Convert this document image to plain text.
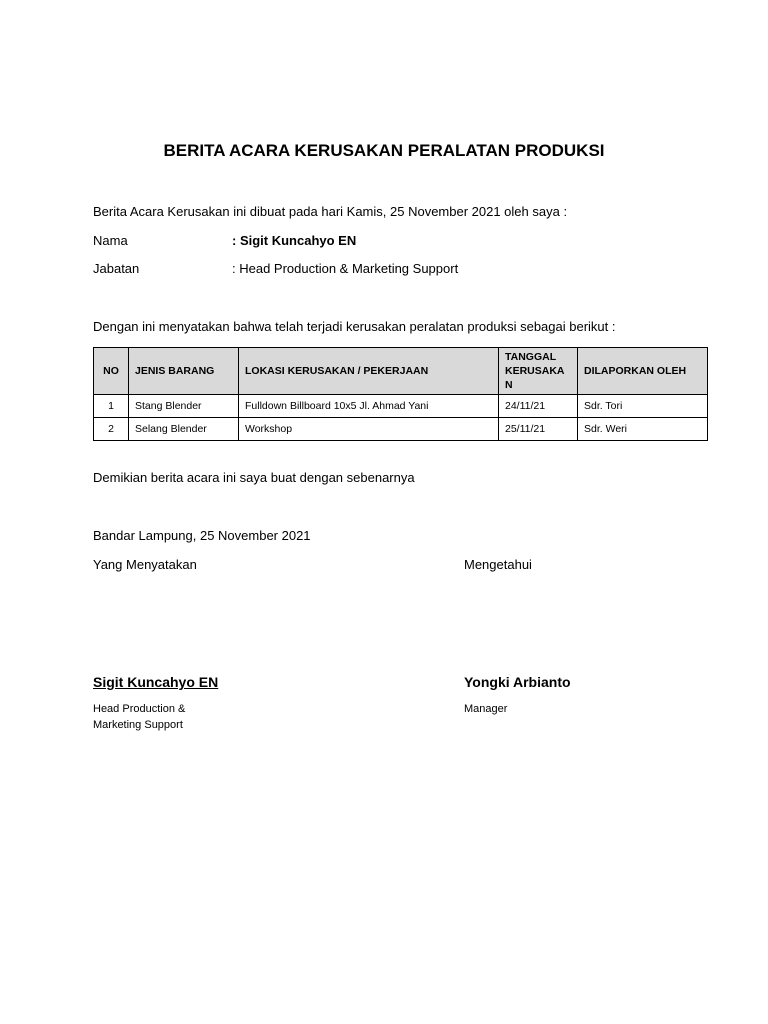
BERITA ACARA KERUSAKAN PERALATAN PRODUKSI
Berita Acara Kerusakan ini dibuat pada hari Kamis, 25 November 2021 oleh saya :
Nama	: Sigit Kuncahyo EN
Jabatan	: Head Production & Marketing Support
Dengan ini menyatakan bahwa telah terjadi kerusakan peralatan produksi sebagai berikut :
NO	JENIS BARANG	LOKASI KERUSAKAN / PEKERJAAN	TANGGAL KERUSAKA N	DILAPORKAN OLEH
1	Stang Blender	Fulldown Billboard 10x5 Jl. Ahmad Yani	24/11/21	Sdr. Tori
2	Selang Blender	Workshop	25/11/21	Sdr. Weri
Demikian berita acara ini saya buat dengan sebenarnya
Bandar Lampung, 25 November 2021
Yang Menyatakan	Mengetahui
Sigit Kuncahyo EN	Yongki Arbianto
Head Production &
Marketing Support
Manager
